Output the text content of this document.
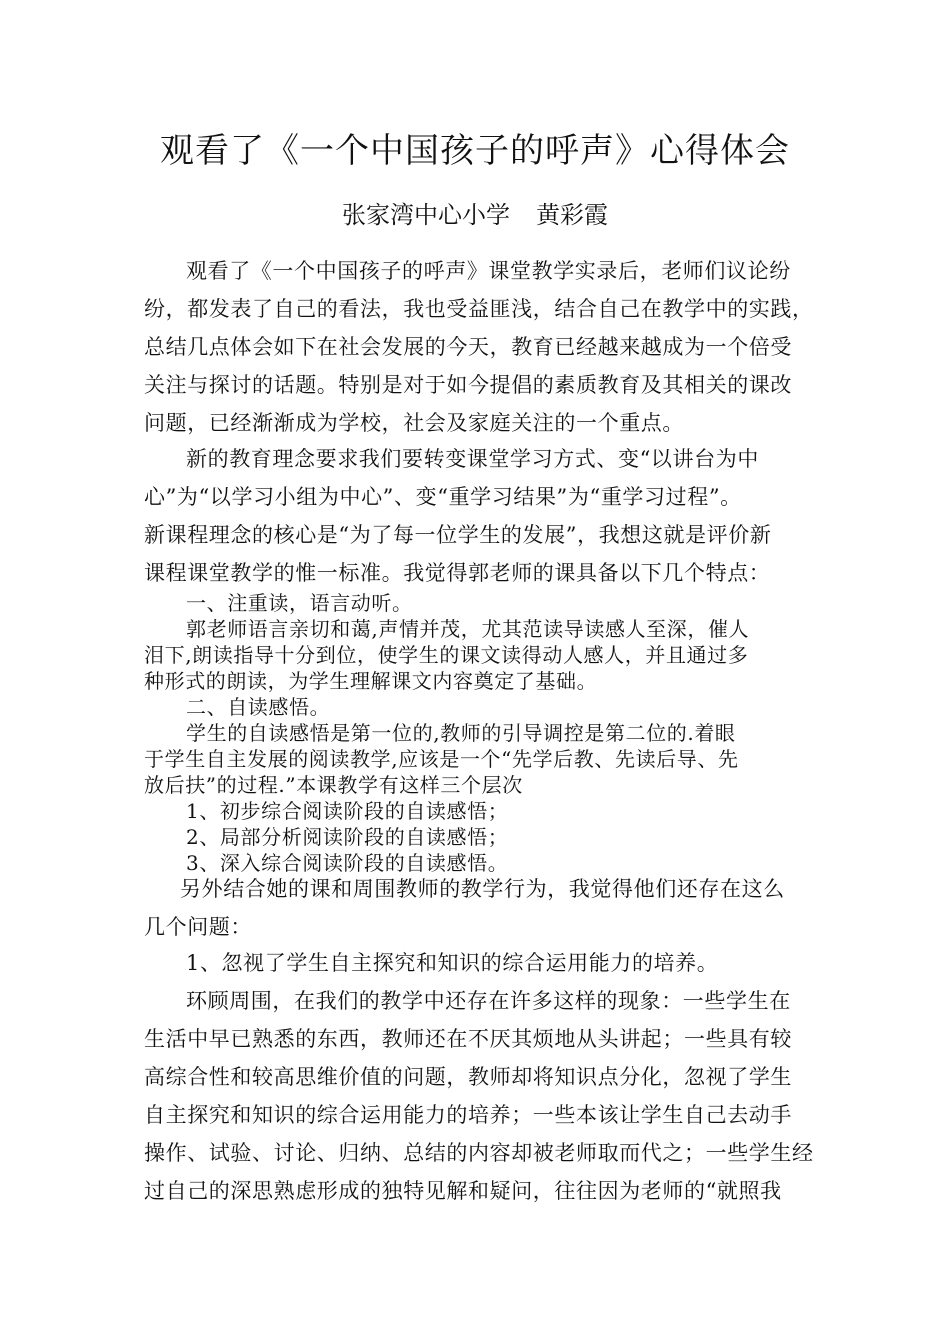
观看了《一个中国孩子的呼声》心得体会

张家湾中心小学 黄彩霞

观看了《一个中国孩子的呼声》课堂教学实录后，老师们议论纷
纷，都发表了自己的看法，我也受益匪浅，结合自己在教学中的实践，
总结几点体会如下在社会发展的今天，教育已经越来越成为一个倍受
关注与探讨的话题。特别是对于如今提倡的素质教育及其相关的课改
问题，已经渐渐成为学校，社会及家庭关注的一个重点。

新的教育理念要求我们要转变课堂学习方式、变“以讲台为中
心”为“以学习小组为中心”、变“重学习结果”为“重学习过程”。
新课程理念的核心是“为了每一位学生的发展”，我想这就是评价新
课程课堂教学的惟一标准。我觉得郭老师的课具备以下几个特点：

一、注重读，语言动听。
郭老师语言亲切和蔼,声情并茂，尤其范读导读感人至深，催人
泪下,朗读指导十分到位，使学生的课文读得动人感人，并且通过多
种形式的朗读，为学生理解课文内容奠定了基础。
二、自读感悟。
学生的自读感悟是第一位的,教师的引导调控是第二位的.着眼
于学生自主发展的阅读教学,应该是一个“先学后教、先读后导、先
放后扶”的过程.”本课教学有这样三个层次
1、初步综合阅读阶段的自读感悟；
2、局部分析阅读阶段的自读感悟；
3、深入综合阅读阶段的自读感悟。

另外结合她的课和周围教师的教学行为，我觉得他们还存在这么
几个问题：

1、忽视了学生自主探究和知识的综合运用能力的培养。

环顾周围，在我们的教学中还存在许多这样的现象：一些学生在
生活中早已熟悉的东西，教师还在不厌其烦地从头讲起；一些具有较
高综合性和较高思维价值的问题，教师却将知识点分化，忽视了学生
自主探究和知识的综合运用能力的培养；一些本该让学生自己去动手
操作、试验、讨论、归纳、总结的内容却被老师取而代之；一些学生经
过自己的深思熟虑形成的独特见解和疑问，往往因为老师的“就照我
